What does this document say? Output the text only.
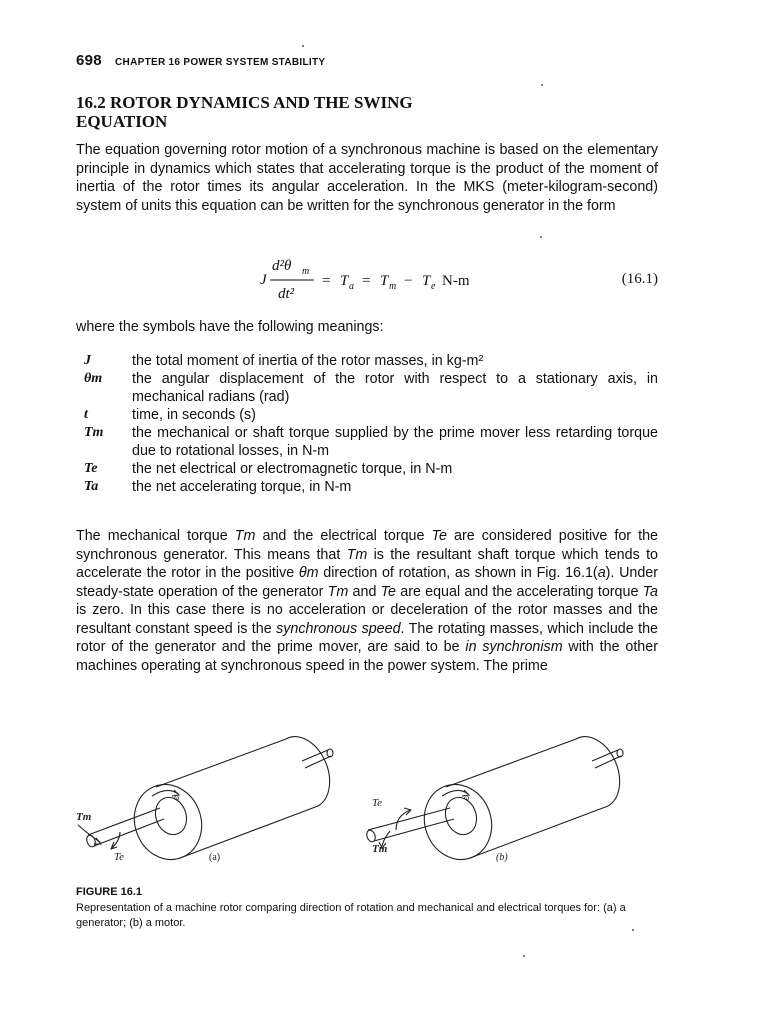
698 CHAPTER 16 POWER SYSTEM STABILITY
16.2 ROTOR DYNAMICS AND THE SWING EQUATION
The equation governing rotor motion of a synchronous machine is based on the elementary principle in dynamics which states that accelerating torque is the product of the moment of inertia of the rotor times its angular acceleration. In the MKS (meter-kilogram-second) system of units this equation can be written for the synchronous generator in the form
J
d²θ m
dt²
= T a = T m − T e N-m	(16.1)
where the symbols have the following meanings:
J	the total moment of inertia of the rotor masses, in kg-m²
θm	the angular displacement of the rotor with respect to a stationary axis, in mechanical radians (rad)
t	time, in seconds (s)
Tm	the mechanical or shaft torque supplied by the prime mover less retarding torque due to rotational losses, in N-m
Te	the net electrical or electromagnetic torque, in N-m
Ta	the net accelerating torque, in N-m
The mechanical torque Tm and the electrical torque Te are considered positive for the synchronous generator. This means that Tm is the resultant shaft torque which tends to accelerate the rotor in the positive θm direction of rotation, as shown in Fig. 16.1(a). Under steady-state operation of the generator Tm and Te are equal and the accelerating torque Ta is zero. In this case there is no acceleration or deceleration of the rotor masses and the resultant constant speed is the synchronous speed. The rotating masses, which include the rotor of the generator and the prime mover, are said to be in synchronism with the other machines operating at synchronous speed in the power system. The prime
ω
Tm
Te	(a)
ω
Te
Tm
(b)
FIGURE 16.1
Representation of a machine rotor comparing direction of rotation and mechanical and electrical torques for: (a) a generator; (b) a motor.
